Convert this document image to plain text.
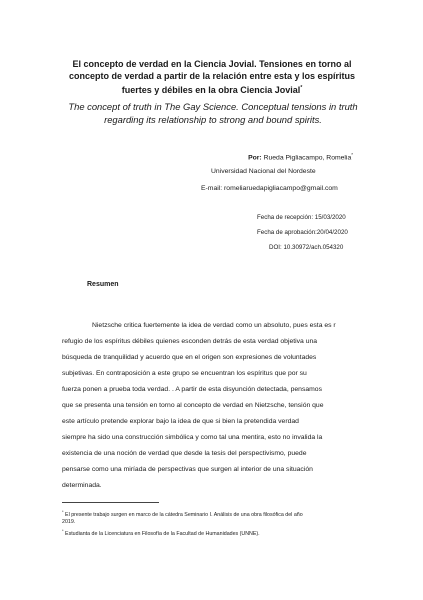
El concepto de verdad en la Ciencia Jovial. Tensiones en torno al
concepto de verdad a partir de la relación entre esta y los espíritus
fuertes y débiles en la obra Ciencia Jovial*
The concept of truth in The Gay Science. Conceptual tensions in truth
regarding its relationship to strong and bound spirits.
Por: Rueda Pigliacampo, Romelia*
Universidad Nacional del Nordeste
E-mail: romeliaruedapigliacampo@gmail.com
Fecha de recepción: 15/03/2020
Fecha de aprobación:20/04/2020
DOI: 10.30972/ach.054320
Resumen
Nietzsche critica fuertemente la idea de verdad como un absoluto, pues esta es r
refugio de los espíritus débiles quienes esconden detrás de esta verdad objetiva una
búsqueda de tranquilidad y acuerdo que en el origen son expresiones de voluntades
subjetivas. En contraposición a este grupo se encuentran los espíritus que por su
fuerza ponen a prueba toda verdad. . A partir de esta disyunción detectada, pensamos
que se presenta una tensión en torno al concepto de verdad en Nietzsche, tensión que
este artículo pretende explorar bajo la idea de que si bien la pretendida verdad
siempre ha sido una construcción simbólica y como tal una mentira, esto no invalida la
existencia de una noción de verdad que desde la tesis del perspectivismo, puede
pensarse como una miríada de perspectivas que surgen al interior de una situación
determinada.
* El presente trabajo surgen en marco de la cátedra Seminario I. Análisis de una obra filosófica del año
2019.
* Estudianta de la Licenciatura en Filosofía de la Facultad de Humanidades (UNNE).
